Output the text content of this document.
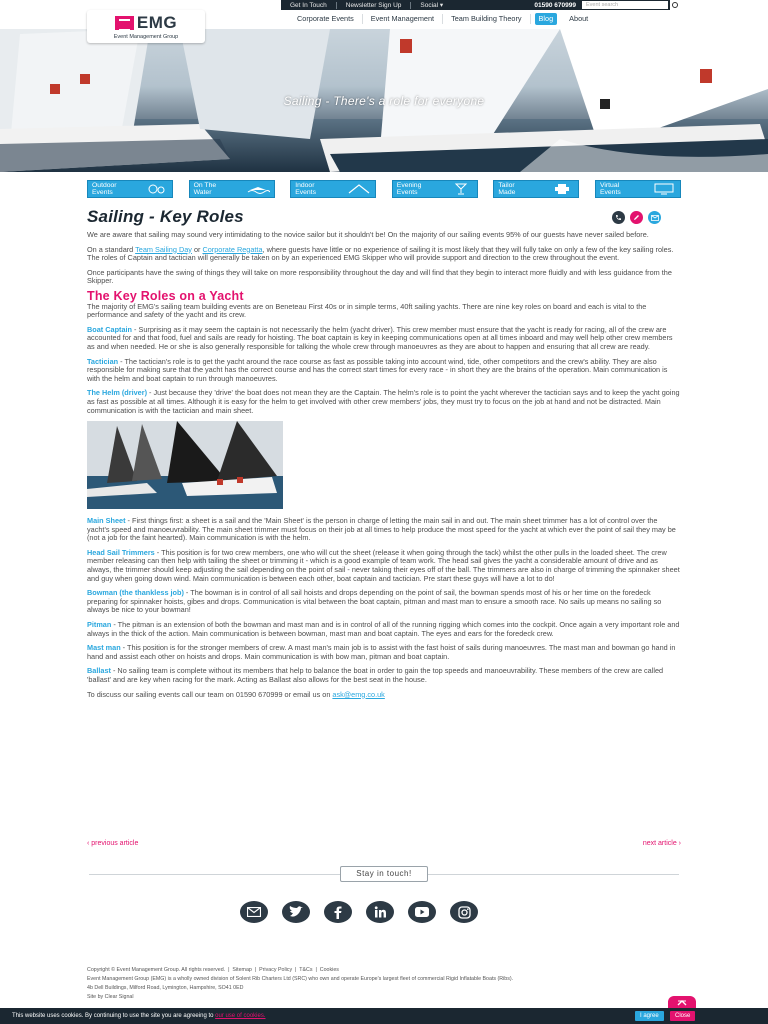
Get In Touch	Newsletter Sign Up	Social ▾	01590 670999	Event search
Corporate Events	Event Management	Team Building Theory	Blog	About
EMG
Event Management Group
Sailing - There's a role for everyone
Outdoor
Events
On The
Water
Indoor
Events
Evening
Events
Tailor
Made
Virtual
Events
Sailing - Key Roles

We are aware that sailing may sound very intimidating to the novice sailor but it shouldn't be! On the majority of our sailing events 95% of our guests have never sailed before.

On a standard Team Sailing Day or Corporate Regatta, where guests have little or no experience of sailing it is most likely that they will fully take on only a few of the key sailing roles. The roles of Captain and tactician will generally be taken on by an experienced EMG Skipper who will provide support and direction to the crew throughout the event.

Once participants have the swing of things they will take on more responsibility throughout the day and will find that they begin to interact more fluidly and with less guidance from the Skipper.

The Key Roles on a Yacht

The majority of EMG's sailing team building events are on Beneteau First 40s or in simple terms, 40ft sailing yachts. There are nine key roles on board and each is vital to the performance and safety of the yacht and its crew.

Boat Captain - Surprising as it may seem the captain is not necessarily the helm (yacht driver). This crew member must ensure that the yacht is ready for racing, all of the crew are accounted for and that food, fuel and sails are ready for hoisting. The boat captain is key in keeping communications open at all times inboard and may well help other crew members as and when needed. He or she is also generally responsible for talking the whole crew through manoeuvres as they are about to happen and ensuring that all crew are ready.

Tactician - The tactician's role is to get the yacht around the race course as fast as possible taking into account wind, tide, other competitors and the crew's ability. They are also responsible for making sure that the yacht has the correct course and has the correct start times for every race - in short they are the brains of the operation. Main communication is with the helm and boat captain to run through manoeuvres.

The Helm (driver) - Just because they 'drive' the boat does not mean they are the Captain. The helm's role is to point the yacht wherever the tactician says and to keep the yacht going as fast as possible at all times. Although it is easy for the helm to get involved with other crew members' jobs, they must try to focus on the job at hand and not be distracted. Main communication is with the tactician and main sheet.

Main Sheet - First things first: a sheet is a sail and the 'Main Sheet' is the person in charge of letting the main sail in and out. The main sheet trimmer has a lot of control over the yacht's speed and manoeuvrability. The main sheet trimmer must focus on their job at all times to help produce the most speed for the yacht at which ever the point of sail they may be (not a job for the faint hearted). Main communication is with the helm.

Head Sail Trimmers - This position is for two crew members, one who will cut the sheet (release it when going through the tack) whilst the other pulls in the loaded sheet. The crew member releasing can then help with tailing the sheet or trimming it - which is a good example of team work. The head sail gives the yacht a considerable amount of drive and as always, the trimmer should keep adjusting the sail depending on the point of sail - never taking their eyes off of the ball. The trimmers are also in charge of trimming the spinnaker sheet and guy when going down wind. Main communication is between each other, boat captain and tactician. Pre start these guys will have a lot to do!

Bowman (the thankless job) - The bowman is in control of all sail hoists and drops depending on the point of sail, the bowman spends most of his or her time on the foredeck preparing for spinnaker hoists, gibes and drops. Communication is vital between the boat captain, pitman and mast man to ensure a smooth race. No sails up means no sailing so always be nice to your bowman!

Pitman - The pitman is an extension of both the bowman and mast man and is in control of all of the running rigging which comes into the cockpit. Once again a very important role and always in the thick of the action. Main communication is between bowman, mast man and boat captain. The eyes and ears for the foredeck crew.

Mast man - This position is for the stronger members of crew. A mast man's main job is to assist with the fast hoist of sails during manoeuvres. The mast man and bowman go hand in hand and assist each other on hoists and drops. Main communication is with bow man, pitman and boat captain.

Ballast - No sailing team is complete without its members that help to balance the boat in order to gain the top speeds and manoeuvrability. These members of the crew are called 'ballast' and are key when racing for the mark. Acting as Ballast also allows for the best seat in the house.

To discuss our sailing events call our team on 01590 670999 or email us on ask@emg.co.uk

‹ previous article	next article ›
Stay in touch!
Copyright © Event Management Group. All rights reserved.  |  Sitemap  |  Privacy Policy  |  T&Cs  |  Cookies
Event Management Group (EMG) is a wholly owned division of Solent Rib Charters Ltd (SRC) who own and operate Europe's largest fleet of commercial Rigid Inflatable Boats (Ribs).
4b Dell Buildings, Milford Road, Lymington, Hampshire, SO41 0ED
Site by Clear Signal
This website uses cookies. By continuing to use the site you are agreeing to our use of cookies.	I agree	Close
